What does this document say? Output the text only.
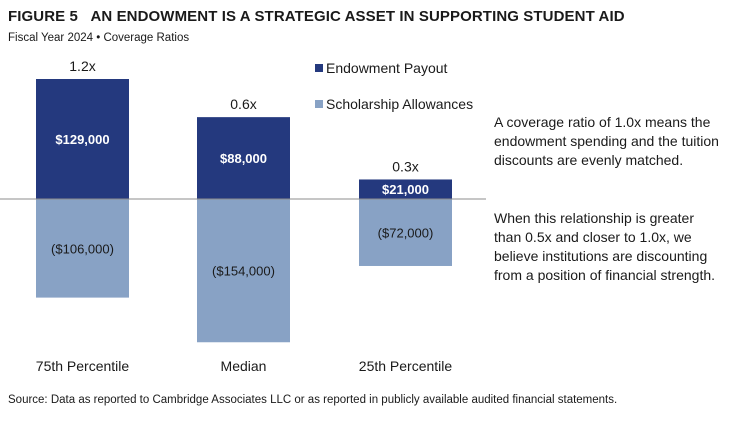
FIGURE 5 AN ENDOWMENT IS A STRATEGIC ASSET IN SUPPORTING STUDENT AID
Fiscal Year 2024 • Coverage Ratios
$129,000
($106,000)
1.2x
75th Percentile
$88,000
($154,000)
0.6x
Median
$21,000
($72,000)
0.3x
25th Percentile
Endowment Payout
Scholarship Allowances
A coverage ratio of 1.0x means the endowment spending and the tuition discounts are evenly matched.
When this relationship is greater than 0.5x and closer to 1.0x, we believe institutions are discounting from a position of financial strength.
Source: Data as reported to Cambridge Associates LLC or as reported in publicly available audited financial statements.
